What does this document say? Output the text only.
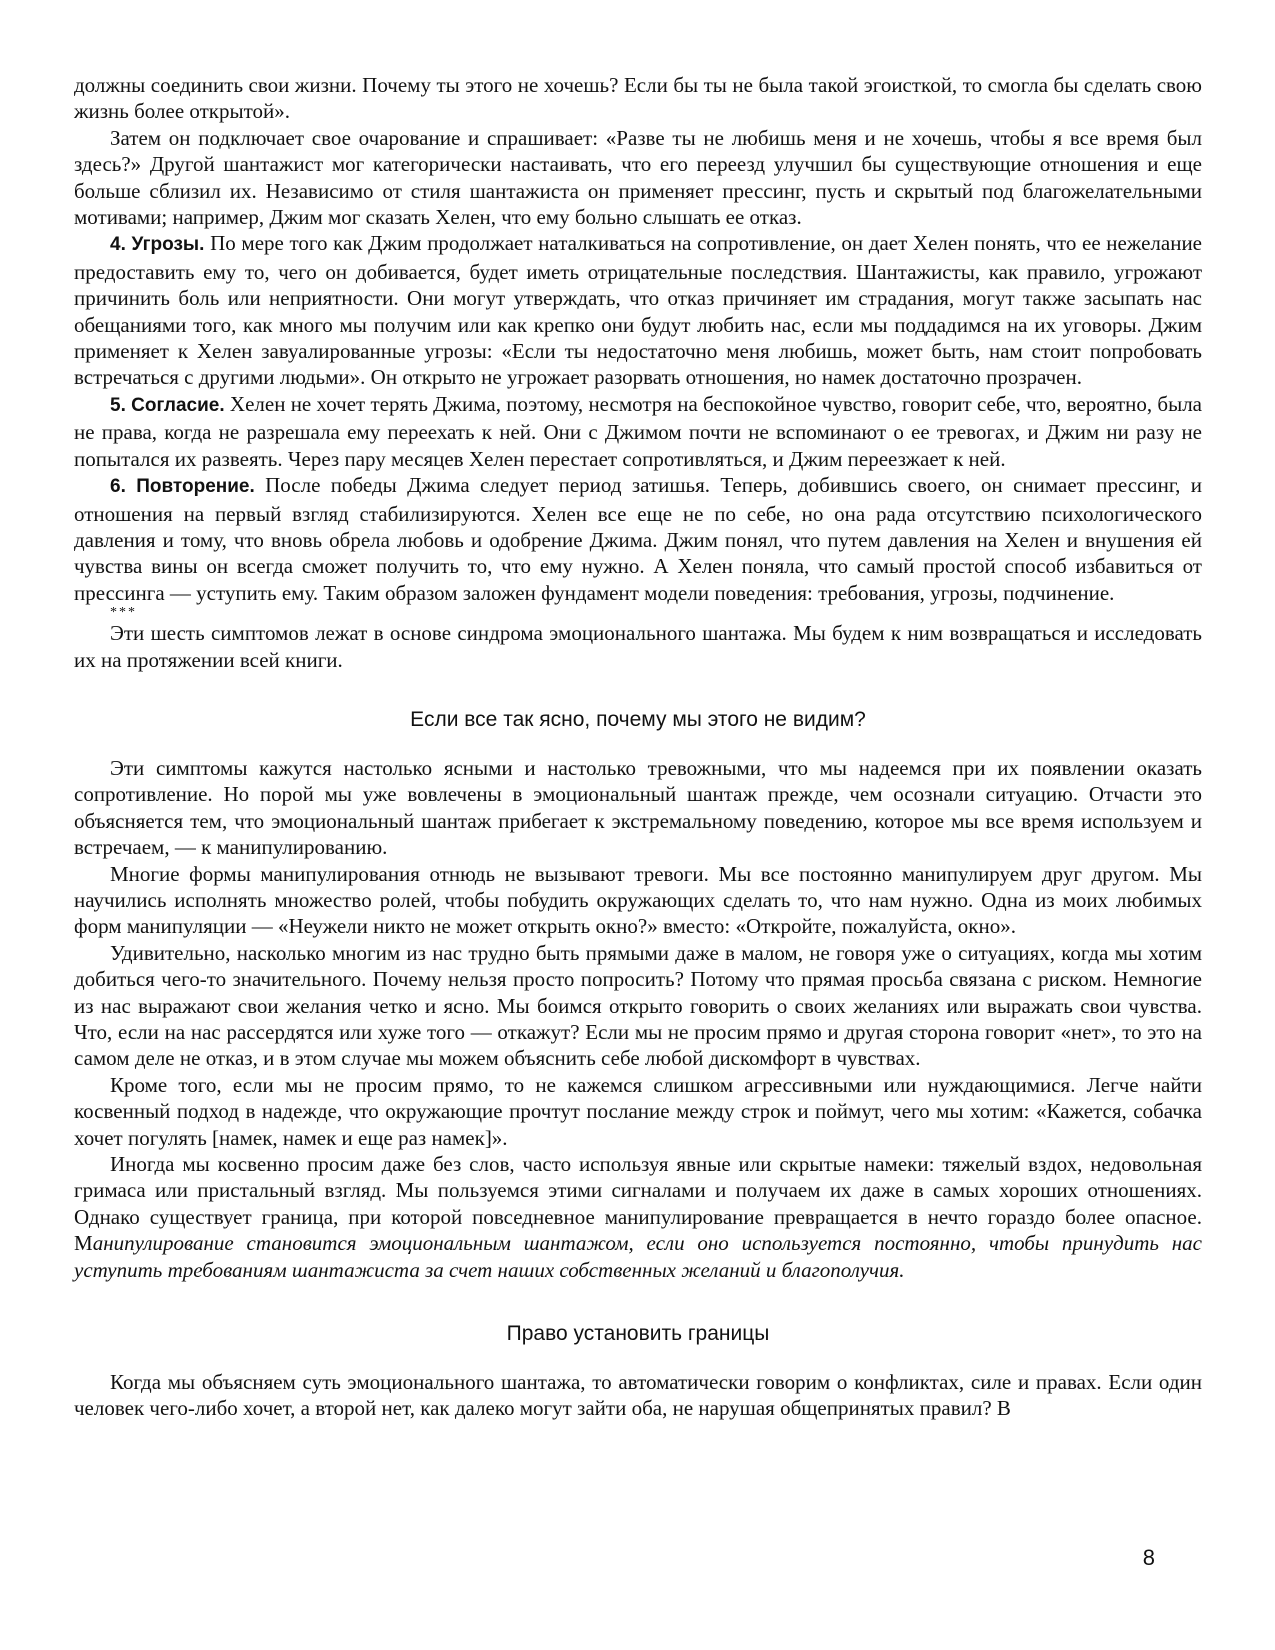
должны соединить свои жизни. Почему ты этого не хочешь? Если бы ты не была такой эгоисткой, то смогла бы сделать свою жизнь более открытой».

Затем он подключает свое очарование и спрашивает: «Разве ты не любишь меня и не хочешь, чтобы я все время был здесь?» Другой шантажист мог категорически настаивать, что его переезд улучшил бы существующие отношения и еще больше сблизил их. Независимо от стиля шантажиста он применяет прессинг, пусть и скрытый под благожелательными мотивами; например, Джим мог сказать Хелен, что ему больно слышать ее отказ.

4. Угрозы. По мере того как Джим продолжает наталкиваться на сопротивление, он дает Хелен понять, что ее нежелание предоставить ему то, чего он добивается, будет иметь отрицательные последствия. Шантажисты, как правило, угрожают причинить боль или неприятности. Они могут утверждать, что отказ причиняет им страдания, могут также засыпать нас обещаниями того, как много мы получим или как крепко они будут любить нас, если мы поддадимся на их уговоры. Джим применяет к Хелен завуалированные угрозы: «Если ты недостаточно меня любишь, может быть, нам стоит попробовать встречаться с другими людьми». Он открыто не угрожает разорвать отношения, но намек достаточно прозрачен.

5. Согласие. Хелен не хочет терять Джима, поэтому, несмотря на беспокойное чувство, говорит себе, что, вероятно, была не права, когда не разрешала ему переехать к ней. Они с Джимом почти не вспоминают о ее тревогах, и Джим ни разу не попытался их развеять. Через пару месяцев Хелен перестает сопротивляться, и Джим переезжает к ней.

6. Повторение. После победы Джима следует период затишья. Теперь, добившись своего, он снимает прессинг, и отношения на первый взгляд стабилизируются. Хелен все еще не по себе, но она рада отсутствию психологического давления и тому, что вновь обрела любовь и одобрение Джима. Джим понял, что путем давления на Хелен и внушения ей чувства вины он всегда сможет получить то, что ему нужно. А Хелен поняла, что самый простой способ избавиться от прессинга — уступить ему. Таким образом заложен фундамент модели поведения: требования, угрозы, подчинение.

***

Эти шесть симптомов лежат в основе синдрома эмоционального шантажа. Мы будем к ним возвращаться и исследовать их на протяжении всей книги.

Если все так ясно, почему мы этого не видим?

Эти симптомы кажутся настолько ясными и настолько тревожными, что мы надеемся при их появлении оказать сопротивление. Но порой мы уже вовлечены в эмоциональный шантаж прежде, чем осознали ситуацию. Отчасти это объясняется тем, что эмоциональный шантаж прибегает к экстремальному поведению, которое мы все время используем и встречаем, — к манипулированию.

Многие формы манипулирования отнюдь не вызывают тревоги. Мы все постоянно манипулируем друг другом. Мы научились исполнять множество ролей, чтобы побудить окружающих сделать то, что нам нужно. Одна из моих любимых форм манипуляции — «Неужели никто не может открыть окно?» вместо: «Откройте, пожалуйста, окно».

Удивительно, насколько многим из нас трудно быть прямыми даже в малом, не говоря уже о ситуациях, когда мы хотим добиться чего-то значительного. Почему нельзя просто попросить? Потому что прямая просьба связана с риском. Немногие из нас выражают свои желания четко и ясно. Мы боимся открыто говорить о своих желаниях или выражать свои чувства. Что, если на нас рассердятся или хуже того — откажут? Если мы не просим прямо и другая сторона говорит «нет», то это на самом деле не отказ, и в этом случае мы можем объяснить себе любой дискомфорт в чувствах.

Кроме того, если мы не просим прямо, то не кажемся слишком агрессивными или нуждающимися. Легче найти косвенный подход в надежде, что окружающие прочтут послание между строк и поймут, чего мы хотим: «Кажется, собачка хочет погулять [намек, намек и еще раз намек]».

Иногда мы косвенно просим даже без слов, часто используя явные или скрытые намеки: тяжелый вздох, недовольная гримаса или пристальный взгляд. Мы пользуемся этими сигналами и получаем их даже в самых хороших отношениях. Однако существует граница, при которой повседневное манипулирование превращается в нечто гораздо более опасное. Манипулирование становится эмоциональным шантажом, если оно используется постоянно, чтобы принудить нас уступить требованиям шантажиста за счет наших собственных желаний и благополучия.

Право установить границы

Когда мы объясняем суть эмоционального шантажа, то автоматически говорим о конфликтах, силе и правах. Если один человек чего-либо хочет, а второй нет, как далеко могут зайти оба, не нарушая общепринятых правил? В

8
